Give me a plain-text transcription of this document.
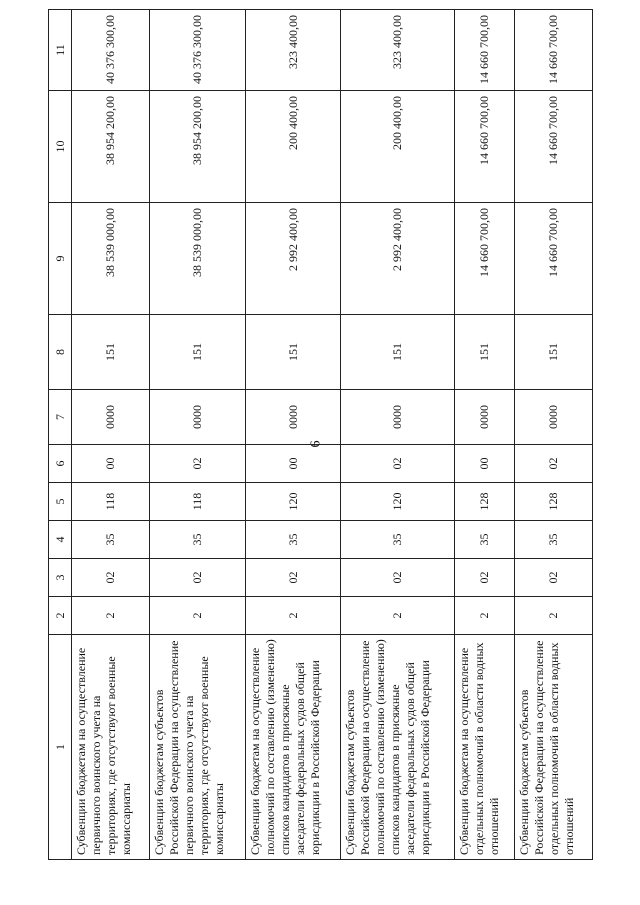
6
1	2	3	4	5	6	7	8	9	10	11
Субвенции бюджетам на осуществление первичного воинского учета на территориях, где отсутствуют военные комиссариаты	2	02	35	118	00	0000	151	38 539 000,00	38 954 200,00	40 376 300,00
Субвенции бюджетам субъектов Российской Федерации на осуществление первичного воинского учета на территориях, где отсутствуют военные комиссариаты	2	02	35	118	02	0000	151	38 539 000,00	38 954 200,00	40 376 300,00
Субвенции бюджетам на осуществление полномочий по составлению (изменению) списков кандидатов в присяжные заседатели федеральных судов общей юрисдикции в Российской Федерации	2	02	35	120	00	0000	151	2 992 400,00	200 400,00	323 400,00
Субвенции бюджетам субъектов Российской Федерации на осуществление полномочий по составлению (изменению) списков кандидатов в присяжные заседатели федеральных судов общей юрисдикции в Российской Федерации	2	02	35	120	02	0000	151	2 992 400,00	200 400,00	323 400,00
Субвенции бюджетам на осуществление отдельных полномочий в области водных отношений	2	02	35	128	00	0000	151	14 660 700,00	14 660 700,00	14 660 700,00
Субвенции бюджетам субъектов Российской Федерации на осуществление отдельных полномочий в области водных отношений	2	02	35	128	02	0000	151	14 660 700,00	14 660 700,00	14 660 700,00
